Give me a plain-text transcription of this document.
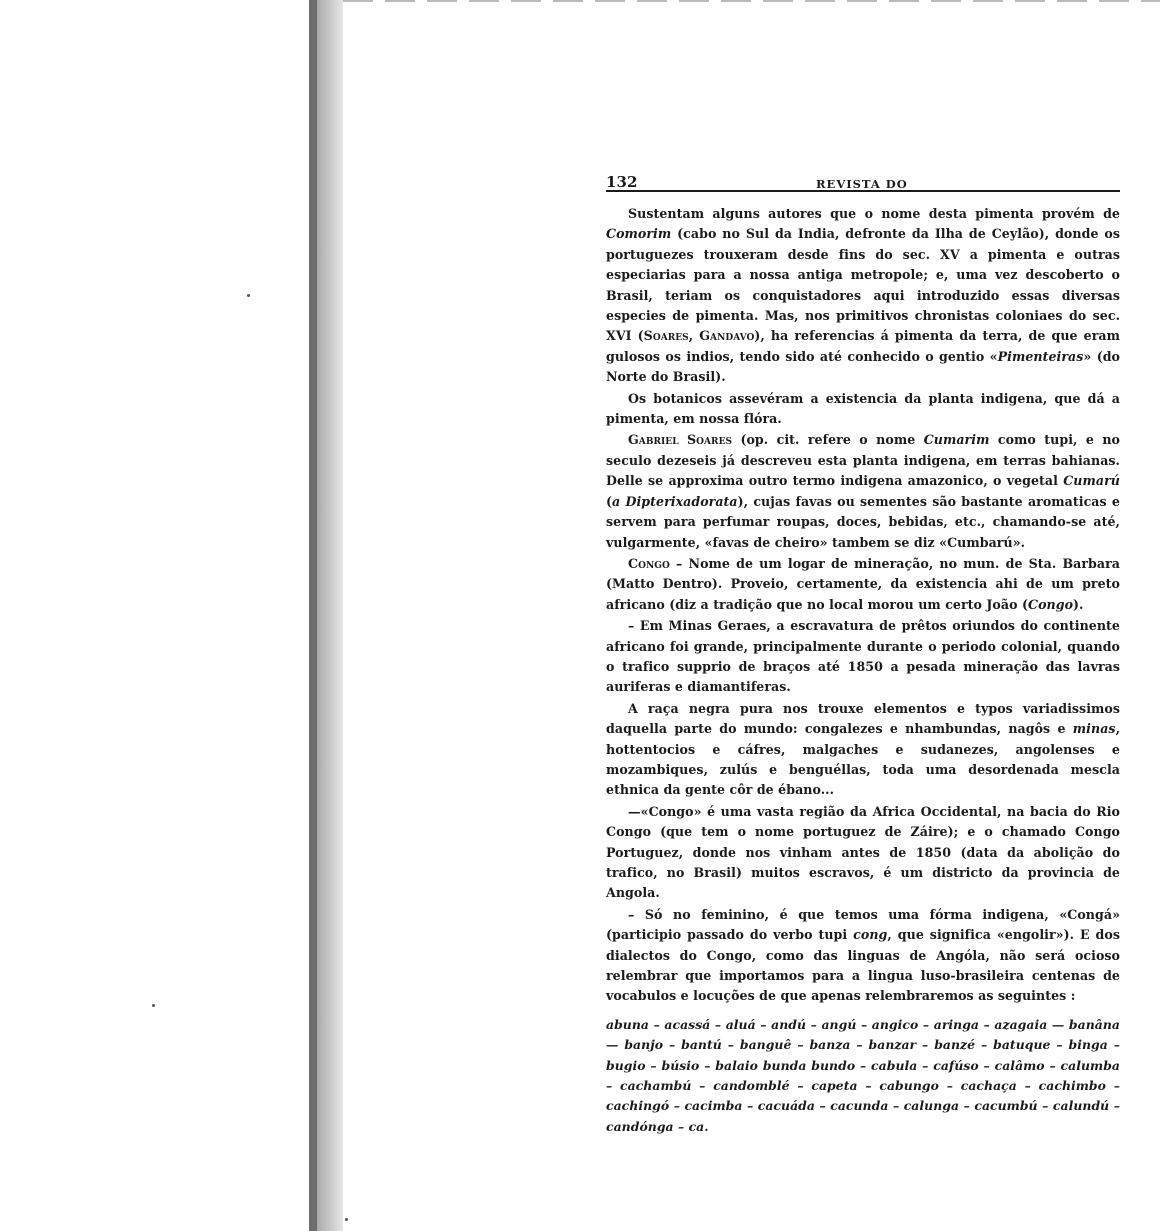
132	REVISTA DO

Sustentam alguns autores que o nome desta pimenta provém de Comorim (cabo no Sul da India, defronte da Ilha de Ceylão), donde os portuguezes trouxeram desde fins do sec. XV a pimenta e outras especiarias para a nossa antiga metropole; e, uma vez descoberto o Brasil, teriam os conquistadores aqui introduzido essas diversas especies de pimenta. Mas, nos primitivos chronistas coloniaes do sec. XVI (Soares, Gandavo), ha referencias á pimenta da terra, de que eram gulosos os indios, tendo sido até conhecido o gentio «Pimenteiras» (do Norte do Brasil).

Os botanicos assevéram a existencia da planta indigena, que dá a pimenta, em nossa flóra.

Gabriel Soares (op. cit. refere o nome Cumarim como tupi, e no seculo dezeseis já descreveu esta planta indigena, em terras bahianas. Delle se approxima outro termo indigena amazonico, o vegetal Cumarú (a Dipterixadorata), cujas favas ou sementes são bastante aromaticas e servem para perfumar roupas, doces, bebidas, etc., chamando-se até, vulgarmente, «favas de cheiro» tambem se diz «Cumbarú».

Congo – Nome de um logar de mineração, no mun. de Sta. Barbara (Matto Dentro). Proveio, certamente, da existencia ahi de um preto africano (diz a tradição que no local morou um certo João (Congo).

– Em Minas Geraes, a escravatura de prêtos oriundos do continente africano foi grande, principalmente durante o periodo colonial, quando o trafico supprio de braços até 1850 a pesada mineração das lavras auriferas e diamantiferas.

A raça negra pura nos trouxe elementos e typos variadissimos daquella parte do mundo: congalezes e nhambundas, nagôs e minas, hottentocios e cáfres, malgaches e sudanezes, angolenses e mozambiques, zulús e benguéllas, toda uma desordenada mescla ethnica da gente côr de ébano...

—«Congo» é uma vasta região da Africa Occidental, na bacia do Rio Congo (que tem o nome portuguez de Záire); e o chamado Congo Portuguez, donde nos vinham antes de 1850 (data da abolição do trafico, no Brasil) muitos escravos, é um districto da provincia de Angola.

– Só no feminino, é que temos uma fórma indigena, «Congá» (participio passado do verbo tupi cong, que significa «engolir»). E dos dialectos do Congo, como das linguas de Angóla, não será ocioso relembrar que importamos para a lingua luso-brasileira centenas de vocabulos e locuções de que apenas relembraremos as seguintes :

abuna – acassá – aluá – andú – angú – angico – aringa – azagaia — banâna — banjo – bantú – banguê – banza – banzar – banzé – batuque – binga – bugio – búsio – balaio bunda bundo – cabula – cafúso – calâmo – calumba – cachambú – candomblé – capeta – cabungo – cachaça – cachimbo – cachingó – cacimba – cacuáda – cacunda – calunga – cacumbú – calundú – candónga – ca.
